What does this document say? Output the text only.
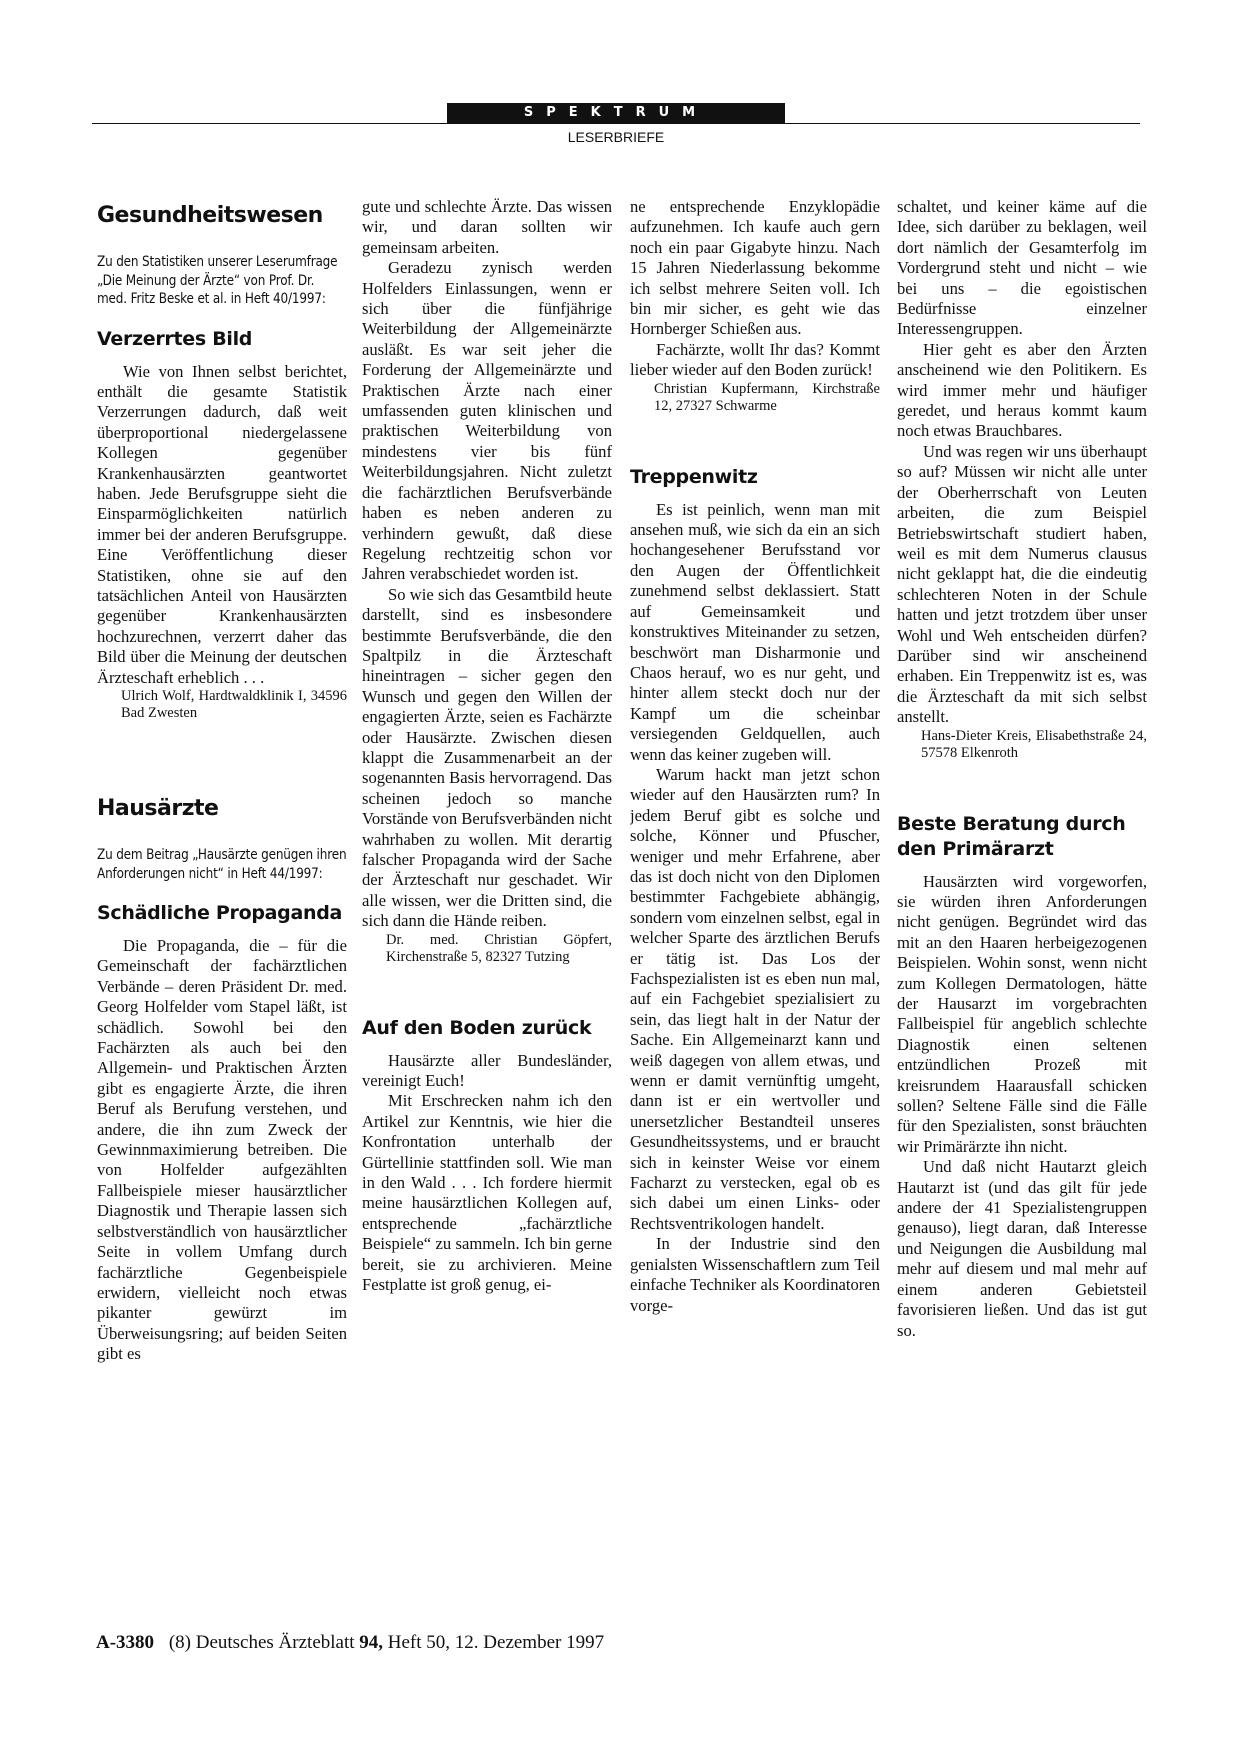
SPEKTRUM
LESERBRIEFE
Gesundheitswesen
Zu den Statistiken unserer Leserumfrage „Die Meinung der Ärzte“ von Prof. Dr. med. Fritz Beske et al. in Heft 40/1997:
Verzerrtes Bild

Wie von Ihnen selbst berichtet, enthält die gesamte Statistik Verzerrungen dadurch, daß weit überproportional niedergelassene Kollegen gegenüber Krankenhausärzten geantwortet haben. Jede Berufsgruppe sieht die Einsparmöglichkeiten natürlich immer bei der anderen Berufsgruppe. Eine Veröffentlichung dieser Statistiken, ohne sie auf den tatsächlichen Anteil von Hausärzten gegenüber Krankenhausärzten hochzurechnen, verzerrt daher das Bild über die Meinung der deutschen Ärzteschaft erheblich . . .

Ulrich Wolf, Hardtwaldklinik I, 34596 Bad Zwesten

Hausärzte
Zu dem Beitrag „Hausärzte genügen ihren Anforderungen nicht“ in Heft 44/1997:
Schädliche Propaganda

Die Propaganda, die – für die Gemeinschaft der fachärztlichen Verbände – deren Präsident Dr. med. Georg Holfelder vom Stapel läßt, ist schädlich. Sowohl bei den Fachärzten als auch bei den Allgemein- und Praktischen Ärzten gibt es engagierte Ärzte, die ihren Beruf als Berufung verstehen, und andere, die ihn zum Zweck der Gewinnmaximierung betreiben. Die von Holfelder aufgezählten Fallbeispiele mieser hausärztlicher Diagnostik und Therapie lassen sich selbstverständlich von hausärztlicher Seite in vollem Umfang durch fachärztliche Gegenbeispiele erwidern, vielleicht noch etwas pikanter gewürzt im Überweisungsring; auf beiden Seiten gibt es

gute und schlechte Ärzte. Das wissen wir, und daran sollten wir gemeinsam arbeiten.

Geradezu zynisch werden Holfelders Einlassungen, wenn er sich über die fünfjährige Weiterbildung der Allgemeinärzte ausläßt. Es war seit jeher die Forderung der Allgemeinärzte und Praktischen Ärzte nach einer umfassenden guten klinischen und praktischen Weiterbildung von mindestens vier bis fünf Weiterbildungsjahren. Nicht zuletzt die fachärztlichen Berufsverbände haben es neben anderen zu verhindern gewußt, daß diese Regelung rechtzeitig schon vor Jahren verabschiedet worden ist.

So wie sich das Gesamtbild heute darstellt, sind es insbesondere bestimmte Berufsverbände, die den Spaltpilz in die Ärzteschaft hineintragen – sicher gegen den Wunsch und gegen den Willen der engagierten Ärzte, seien es Fachärzte oder Hausärzte. Zwischen diesen klappt die Zusammenarbeit an der sogenannten Basis hervorragend. Das scheinen jedoch so manche Vorstände von Berufsverbänden nicht wahrhaben zu wollen. Mit derartig falscher Propaganda wird der Sache der Ärzteschaft nur geschadet. Wir alle wissen, wer die Dritten sind, die sich dann die Hände reiben.

Dr. med. Christian Göpfert, Kirchenstraße 5, 82327 Tutzing

Auf den Boden zurück

Hausärzte aller Bundesländer, vereinigt Euch!

Mit Erschrecken nahm ich den Artikel zur Kenntnis, wie hier die Konfrontation unterhalb der Gürtellinie stattfinden soll. Wie man in den Wald . . . Ich fordere hiermit meine hausärztlichen Kollegen auf, entsprechende „fachärztliche Beispiele“ zu sammeln. Ich bin gerne bereit, sie zu archivieren. Meine Festplatte ist groß genug, ei-

ne entsprechende Enzyklopädie aufzunehmen. Ich kaufe auch gern noch ein paar Gigabyte hinzu. Nach 15 Jahren Niederlassung bekomme ich selbst mehrere Seiten voll. Ich bin mir sicher, es geht wie das Hornberger Schießen aus.

Fachärzte, wollt Ihr das? Kommt lieber wieder auf den Boden zurück!

Christian Kupfermann, Kirchstraße 12, 27327 Schwarme

Treppenwitz

Es ist peinlich, wenn man mit ansehen muß, wie sich da ein an sich hochangesehener Berufsstand vor den Augen der Öffentlichkeit zunehmend selbst deklassiert. Statt auf Gemeinsamkeit und konstruktives Miteinander zu setzen, beschwört man Disharmonie und Chaos herauf, wo es nur geht, und hinter allem steckt doch nur der Kampf um die scheinbar versiegenden Geldquellen, auch wenn das keiner zugeben will.

Warum hackt man jetzt schon wieder auf den Hausärzten rum? In jedem Beruf gibt es solche und solche, Könner und Pfuscher, weniger und mehr Erfahrene, aber das ist doch nicht von den Diplomen bestimmter Fachgebiete abhängig, sondern vom einzelnen selbst, egal in welcher Sparte des ärztlichen Berufs er tätig ist. Das Los der Fachspezialisten ist es eben nun mal, auf ein Fachgebiet spezialisiert zu sein, das liegt halt in der Natur der Sache. Ein Allgemeinarzt kann und weiß dagegen von allem etwas, und wenn er damit vernünftig umgeht, dann ist er ein wertvoller und unersetzlicher Bestandteil unseres Gesundheitssystems, und er braucht sich in keinster Weise vor einem Facharzt zu verstecken, egal ob es sich dabei um einen Links- oder Rechtsventrikologen handelt.

In der Industrie sind den genialsten Wissenschaftlern zum Teil einfache Techniker als Koordinatoren vorge-

schaltet, und keiner käme auf die Idee, sich darüber zu beklagen, weil dort nämlich der Gesamterfolg im Vordergrund steht und nicht – wie bei uns – die egoistischen Bedürfnisse einzelner Interessengruppen.

Hier geht es aber den Ärzten anscheinend wie den Politikern. Es wird immer mehr und häufiger geredet, und heraus kommt kaum noch etwas Brauchbares.

Und was regen wir uns überhaupt so auf? Müssen wir nicht alle unter der Oberherrschaft von Leuten arbeiten, die zum Beispiel Betriebswirtschaft studiert haben, weil es mit dem Numerus clausus nicht geklappt hat, die die eindeutig schlechteren Noten in der Schule hatten und jetzt trotzdem über unser Wohl und Weh entscheiden dürfen? Darüber sind wir anscheinend erhaben. Ein Treppenwitz ist es, was die Ärzteschaft da mit sich selbst anstellt.

Hans-Dieter Kreis, Elisabethstraße 24, 57578 Elkenroth

Beste Beratung durch den Primärarzt

Hausärzten wird vorgeworfen, sie würden ihren Anforderungen nicht genügen. Begründet wird das mit an den Haaren herbeigezogenen Beispielen. Wohin sonst, wenn nicht zum Kollegen Dermatologen, hätte der Hausarzt im vorgebrachten Fallbeispiel für angeblich schlechte Diagnostik einen seltenen entzündlichen Prozeß mit kreisrundem Haarausfall schicken sollen? Seltene Fälle sind die Fälle für den Spezialisten, sonst bräuchten wir Primärärzte ihn nicht.

Und daß nicht Hautarzt gleich Hautarzt ist (und das gilt für jede andere der 41 Spezialistengruppen genauso), liegt daran, daß Interesse und Neigungen die Ausbildung mal mehr auf diesem und mal mehr auf einem anderen Gebietsteil favorisieren ließen. Und das ist gut so.

A-3380 (8) Deutsches Ärzteblatt 94, Heft 50, 12. Dezember 1997
